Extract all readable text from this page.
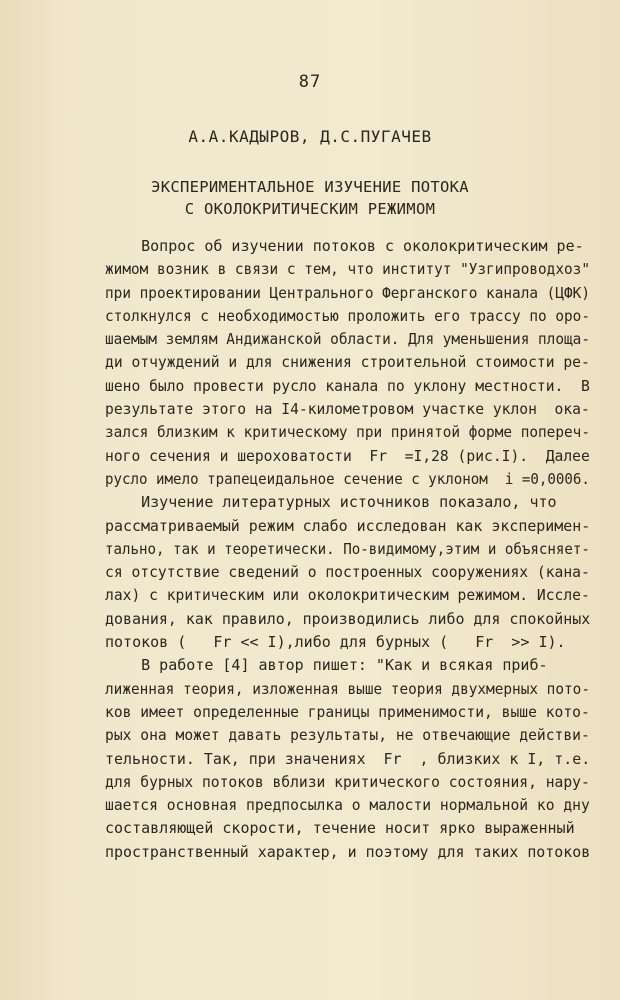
87
А.А.КАДЫРОВ, Д.С.ПУГАЧЕВ
ЭКСПЕРИМЕНТАЛЬНОЕ ИЗУЧЕНИЕ ПОТОКА
С ОКОЛОКРИТИЧЕСКИМ РЕЖИМОМ
Вопрос об изучении потоков с околокритическим ре-
жимом возник в связи с тем, что институт "Узгипроводхоз"
при проектировании Центрального Ферганского канала (ЦФК)
столкнулся с необходимостью проложить его трассу по оро-
шаемым землям Андижанской области. Для уменьшения площа-
ди отчуждений и для снижения строительной стоимости ре-
шено было провести русло канала по уклону местности.  В
результате этого на I4-километровом участке уклон  ока-
зался близким к критическому при принятой форме попереч-
ного сечения и шероховатости  Fr  =I,28 (рис.I).  Далее
русло имело трапецеидальное сечение с уклоном  i =0,0006.
Изучение литературных источников показало, что
рассматриваемый режим слабо исследован как эксперимен-
тально, так и теоретически. По-видимому,этим и объясняет-
ся отсутствие сведений о построенных сооружениях (кана-
лах) с критическим или околокритическим режимом. Иссле-
дования, как правило, производились либо для спокойных
потоков (   Fr << I),либо для бурных (   Fr  >> I).
В работе [4] автор пишет: "Как и всякая приб-
лиженная теория, изложенная выше теория двухмерных пото-
ков имеет определенные границы применимости, выше кото-
рых она может давать результаты, не отвечающие действи-
тельности. Так, при значениях  Fr  , близких к I, т.е.
для бурных потоков вблизи критического состояния, нару-
шается основная предпосылка о малости нормальной ко дну
составляющей скорости, течение носит ярко выраженный
пространственный характер, и поэтому для таких потоков
